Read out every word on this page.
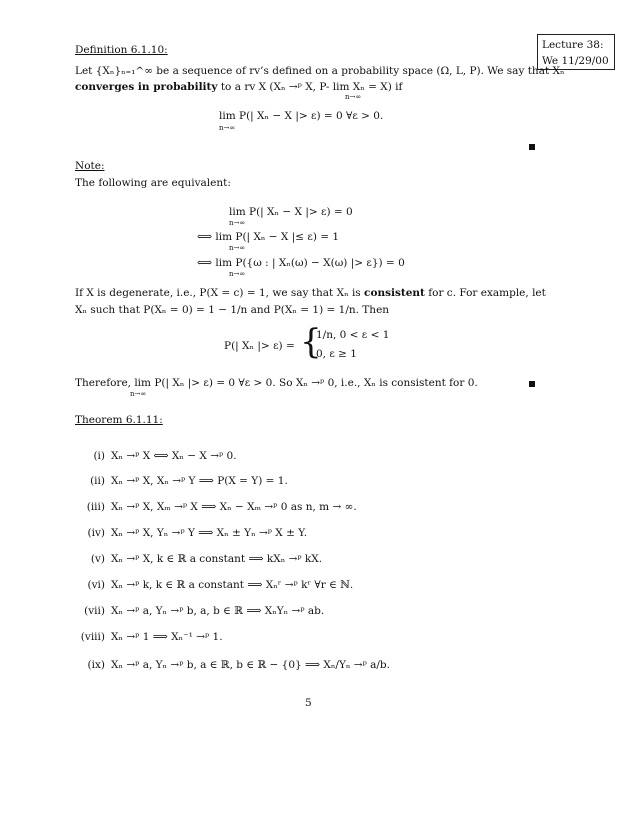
Lecture 38:
We 11/29/00
Definition 6.1.10:
Let {Xₙ}ₙ₌₁^∞ be a sequence of rv’s defined on a probability space (Ω, L, P). We say that Xₙ
converges in probability to a rv X (Xₙ →ᵖ X, P- lim Xₙ = X) if
n→∞
lim P(| Xₙ − X |> ε) = 0 ∀ε > 0.
n→∞
Note:
The following are equivalent:
lim P(| Xₙ − X |> ε) = 0
n→∞
⟺ lim P(| Xₙ − X |≤ ε) = 1
n→∞
⟺ lim P({ω : | Xₙ(ω) − X(ω) |> ε}) = 0
n→∞
If X is degenerate, i.e., P(X = c) = 1, we say that Xₙ is consistent for c. For example, let
Xₙ such that P(Xₙ = 0) = 1 − 1/n and P(Xₙ = 1) = 1/n. Then
P(| Xₙ |> ε) = {
1/n, 0 < ε < 1
0, ε ≥ 1
Therefore, lim P(| Xₙ |> ε) = 0 ∀ε > 0. So Xₙ →ᵖ 0, i.e., Xₙ is consistent for 0.
n→∞
Theorem 6.1.11:
(i) Xₙ →ᵖ X ⟺ Xₙ − X →ᵖ 0.
(ii) Xₙ →ᵖ X, Xₙ →ᵖ Y ⟹ P(X = Y) = 1.
(iii) Xₙ →ᵖ X, Xₘ →ᵖ X ⟹ Xₙ − Xₘ →ᵖ 0 as n, m → ∞.
(iv) Xₙ →ᵖ X, Yₙ →ᵖ Y ⟹ Xₙ ± Yₙ →ᵖ X ± Y.
(v) Xₙ →ᵖ X, k ∈ ℝ a constant ⟹ kXₙ →ᵖ kX.
(vi) Xₙ →ᵖ k, k ∈ ℝ a constant ⟹ Xₙʳ →ᵖ kʳ ∀r ∈ ℕ.
(vii) Xₙ →ᵖ a, Yₙ →ᵖ b, a, b ∈ ℝ ⟹ XₙYₙ →ᵖ ab.
(viii) Xₙ →ᵖ 1 ⟹ Xₙ⁻¹ →ᵖ 1.
(ix) Xₙ →ᵖ a, Yₙ →ᵖ b, a ∈ ℝ, b ∈ ℝ − {0} ⟹ Xₙ/Yₙ →ᵖ a/b.
5
